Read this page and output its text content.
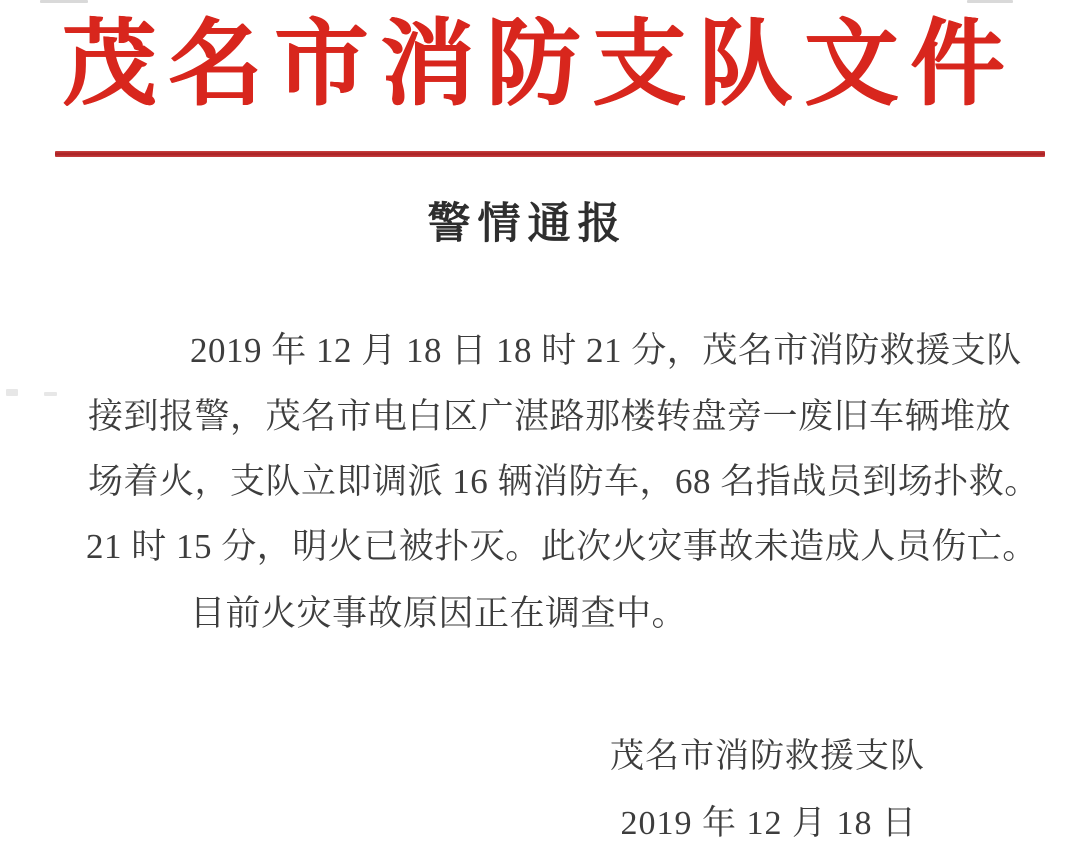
茂名市消防支队文件
警情通报
2019 年 12 月 18 日 18 时 21 分，茂名市消防救援支队
接到报警，茂名市电白区广湛路那楼转盘旁一废旧车辆堆放
场着火，支队立即调派 16 辆消防车，68 名指战员到场扑救。
21 时 15 分，明火已被扑灭。此次火灾事故未造成人员伤亡。
目前火灾事故原因正在调查中。
茂名市消防救援支队
2019 年 12 月 18 日
